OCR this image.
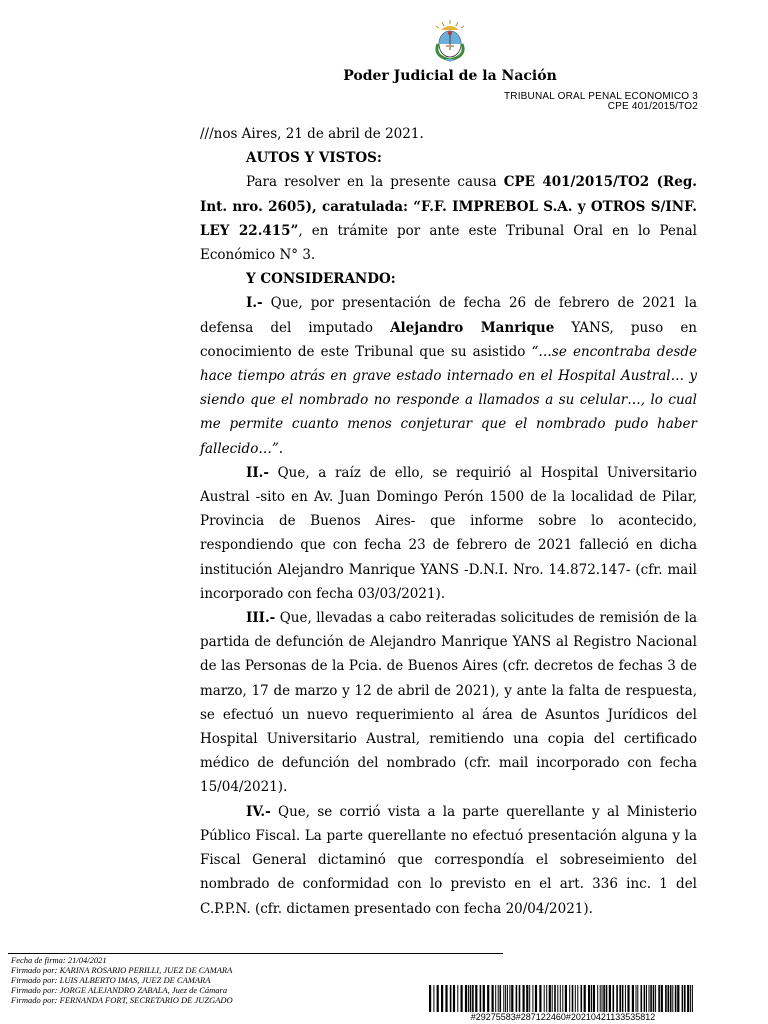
Poder Judicial de la Nación
TRIBUNAL ORAL PENAL ECONOMICO 3
CPE 401/2015/TO2

///nos Aires, 21 de abril de 2021.

AUTOS Y VISTOS:

Para resolver en la presente causa CPE 401/2015/TO2 (Reg. Int. nro. 2605), caratulada: “F.F. IMPREBOL S.A. y OTROS S/INF. LEY 22.415”, en trámite por ante este Tribunal Oral en lo Penal Económico N° 3.

Y CONSIDERANDO:

I.- Que, por presentación de fecha 26 de febrero de 2021 la defensa del imputado Alejandro Manrique YANS, puso en conocimiento de este Tribunal que su asistido “…se encontraba desde hace tiempo atrás en grave estado internado en el Hospital Austral… y siendo que el nombrado no responde a llamados a su celular…, lo cual me permite cuanto menos conjeturar que el nombrado pudo haber fallecido…”.

II.- Que, a raíz de ello, se requirió al Hospital Universitario Austral -sito en Av. Juan Domingo Perón 1500 de la localidad de Pilar, Provincia de Buenos Aires- que informe sobre lo acontecido, respondiendo que con fecha 23 de febrero de 2021 falleció en dicha institución Alejandro Manrique YANS -D.N.I. Nro. 14.872.147- (cfr. mail incorporado con fecha 03/03/2021).

III.- Que, llevadas a cabo reiteradas solicitudes de remisión de la partida de defunción de Alejandro Manrique YANS al Registro Nacional de las Personas de la Pcia. de Buenos Aires (cfr. decretos de fechas 3 de marzo, 17 de marzo y 12 de abril de 2021), y ante la falta de respuesta, se efectuó un nuevo requerimiento al área de Asuntos Jurídicos del Hospital Universitario Austral, remitiendo una copia del certificado médico de defunción del nombrado (cfr. mail incorporado con fecha 15/04/2021).

IV.- Que, se corrió vista a la parte querellante y al Ministerio Público Fiscal. La parte querellante no efectuó presentación alguna y la Fiscal General dictaminó que correspondía el sobreseimiento del nombrado de conformidad con lo previsto en el art. 336 inc. 1 del C.P.P.N. (cfr. dictamen presentado con fecha 20/04/2021).

Fecha de firma: 21/04/2021
Firmado por: KARINA ROSARIO PERILLI, JUEZ DE CAMARA
Firmado por: LUIS ALBERTO IMAS, JUEZ DE CAMARA
Firmado por: JORGE ALEJANDRO ZABALA, Juez de Cámara
Firmado por: FERNANDA FORT, SECRETARIO DE JUZGADO
#29275583#287122460#20210421133535812
